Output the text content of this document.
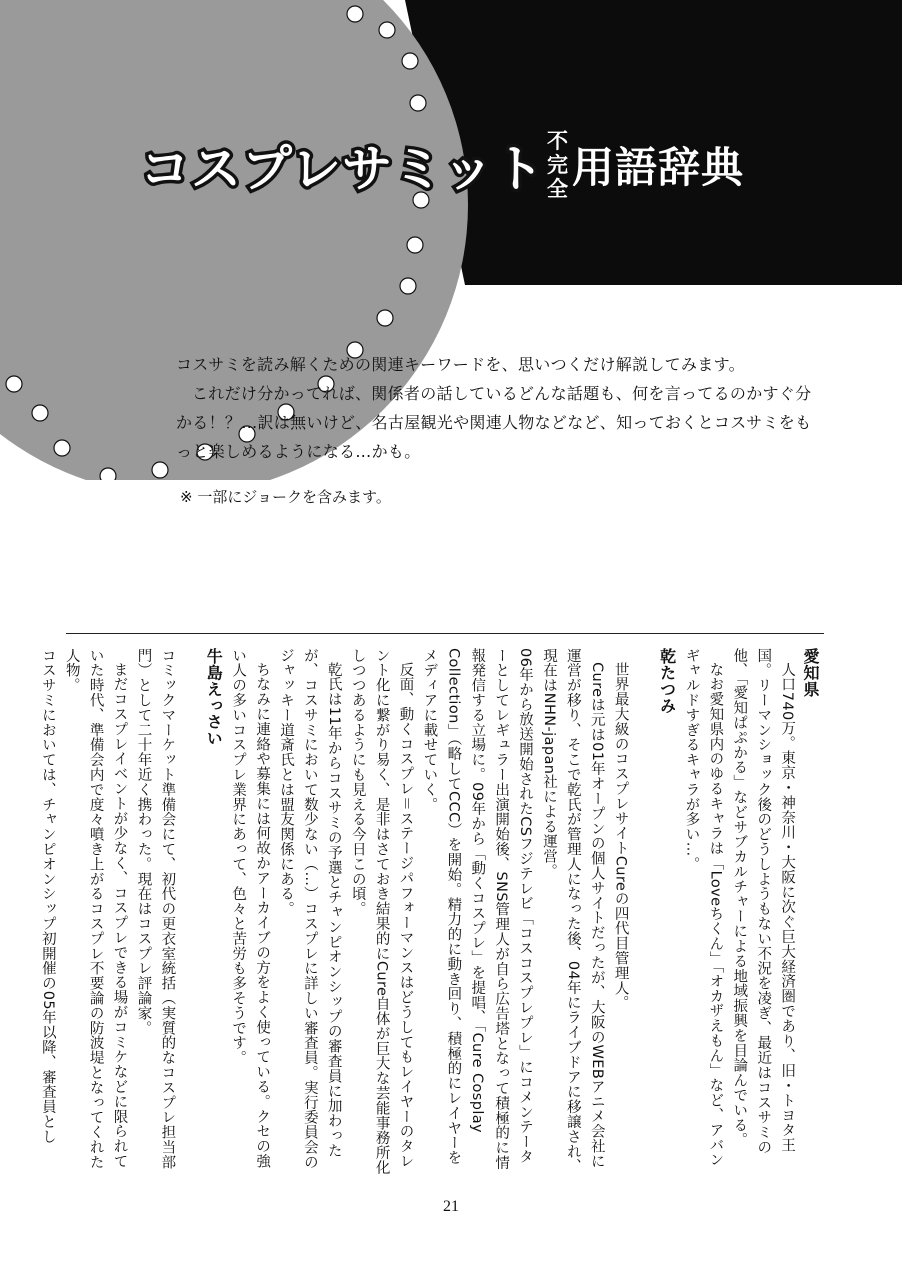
コスプレサミット 不
完
全 用語辞典

コスサミを読み解くための関連キーワードを、思いつくだけ解説してみます。

これだけ分かってれば、関係者の話しているどんな話題も、何を言ってるのかすぐ分かる！？…訳は無いけど、名古屋観光や関連人物などなど、知っておくとコスサミをもっと楽しめるようになる…かも。

※ 一部にジョークを含みます。
愛知県

人口740万。東京・神奈川・大阪に次ぐ巨大経済圏であり、旧・トヨタ王国。リーマンショック後のどうしようもない不況を凌ぎ、最近はコスサミの他、「愛知ぱぷかる」などサブカルチャーによる地域振興を目論んでいる。

なお愛知県内のゆるキャラは「Loveちくん」「オカザえもん」など、アバンギャルドすぎるキャラが多い…。

乾たつみ

世界最大級のコスプレサイトCureの四代目管理人。

Cureは元は01年オープンの個人サイトだったが、大阪のWEBアニメ会社に運営が移り、そこで乾氏が管理人になった後、04年にライブドアに移譲され、現在はNHN-japan社による運営。

06年から放送開始されたCSフジテレビ「コスコスプレプレ」にコメンテーターとしてレギュラー出演開始後、SNS管理人が自ら広告塔となって積極的に情報発信する立場に。09年から「動くコスプレ」を提唱、「Cure Cosplay Collection」（略してCCC）を開始。精力的に動き回り、積極的にレイヤーをメディアに載せていく。

反面、動くコスプレ＝ステージパフォーマンスはどうしてもレイヤーのタレント化に繋がり易く、是非はさておき結果的にCure自体が巨大な芸能事務所化しつつあるようにも見える今日この頃。

乾氏は11年からコスサミの予選とチャンピオンシップの審査員に加わったが、コスサミにおいて数少ない（…）コスプレに詳しい審査員。実行委員会のジャッキー道斎氏とは盟友関係にある。

ちなみに連絡や募集には何故かアーカイブの方をよく使っている。クセの強い人の多いコスプレ業界にあって、色々と苦労も多そうです。

牛島えっさい

コミックマーケット準備会にて、初代の更衣室統括（実質的なコスプレ担当部門）として二十年近く携わった。現在はコスプレ評論家。

まだコスプレイベントが少なく、コスプレできる場がコミケなどに限られていた時代、準備会内で度々噴き上がるコスプレ不要論の防波堤となってくれた人物。

コスサミにおいては、チャンピオンシップ初開催の05年以降、審査員とし

21
